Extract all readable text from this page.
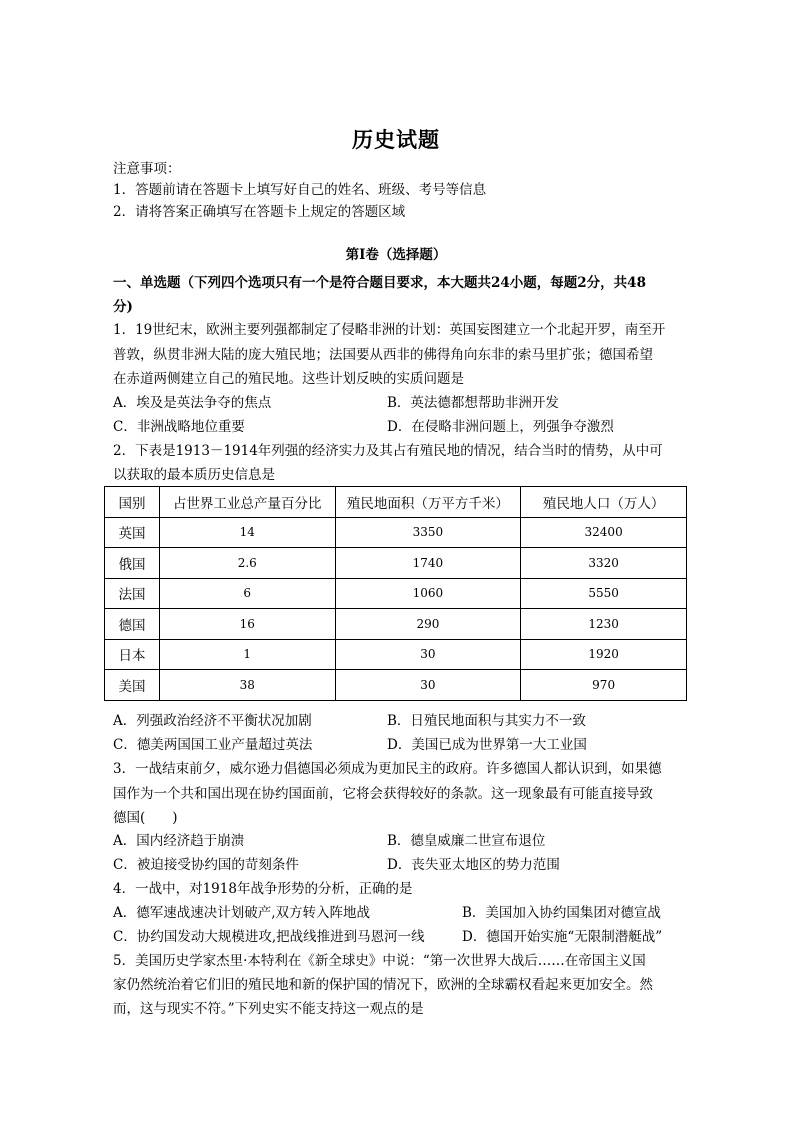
历史试题
注意事项：
1．答题前请在答题卡上填写好自己的姓名、班级、考号等信息
2．请将答案正确填写在答题卡上规定的答题区域
第I卷（选择题）
一、单选题（下列四个选项只有一个是符合题目要求，本大题共24小题，每题2分，共48
分)
1．19世纪末，欧洲主要列强都制定了侵略非洲的计划：英国妄图建立一个北起开罗，南至开
普敦，纵贯非洲大陆的庞大殖民地；法国要从西非的佛得角向东非的索马里扩张；德国希望
在赤道两侧建立自己的殖民地。这些计划反映的实质问题是
A．埃及是英法争夺的焦点	B．英法德都想帮助非洲开发
C．非洲战略地位重要	D．在侵略非洲问题上，列强争夺激烈
2．下表是1913－1914年列强的经济实力及其占有殖民地的情况，结合当时的情势，从中可
以获取的最本质历史信息是
国别	占世界工业总产量百分比	殖民地面积（万平方千米）	殖民地人口（万人）
英国	14	3350	32400
俄国	2.6	1740	3320
法国	6	1060	5550
德国	16	290	1230
日本	1	30	1920
美国	38	30	970
A．列强政治经济不平衡状况加剧	B．日殖民地面积与其实力不一致
C．德美两国国工业产量超过英法	D．美国已成为世界第一大工业国
3．一战结束前夕，威尔逊力倡德国必须成为更加民主的政府。许多德国人都认识到，如果德
国作为一个共和国出现在协约国面前，它将会获得较好的条款。这一现象最有可能直接导致
德国(　　)
A．国内经济趋于崩溃	B．德皇威廉二世宣布退位
C．被迫接受协约国的苛刻条件	D．丧失亚太地区的势力范围
4．一战中，对1918年战争形势的分析，正确的是
A．德军速战速决计划破产,双方转入阵地战	B．美国加入协约国集团对德宣战
C．协约国发动大规模进攻,把战线推进到马恩河一线	D．德国开始实施“无限制潜艇战”
5．美国历史学家杰里·本特利在《新全球史》中说：“第一次世界大战后……在帝国主义国
家仍然统治着它们旧的殖民地和新的保护国的情况下，欧洲的全球霸权看起来更加安全。然
而，这与现实不符。”下列史实不能支持这一观点的是
